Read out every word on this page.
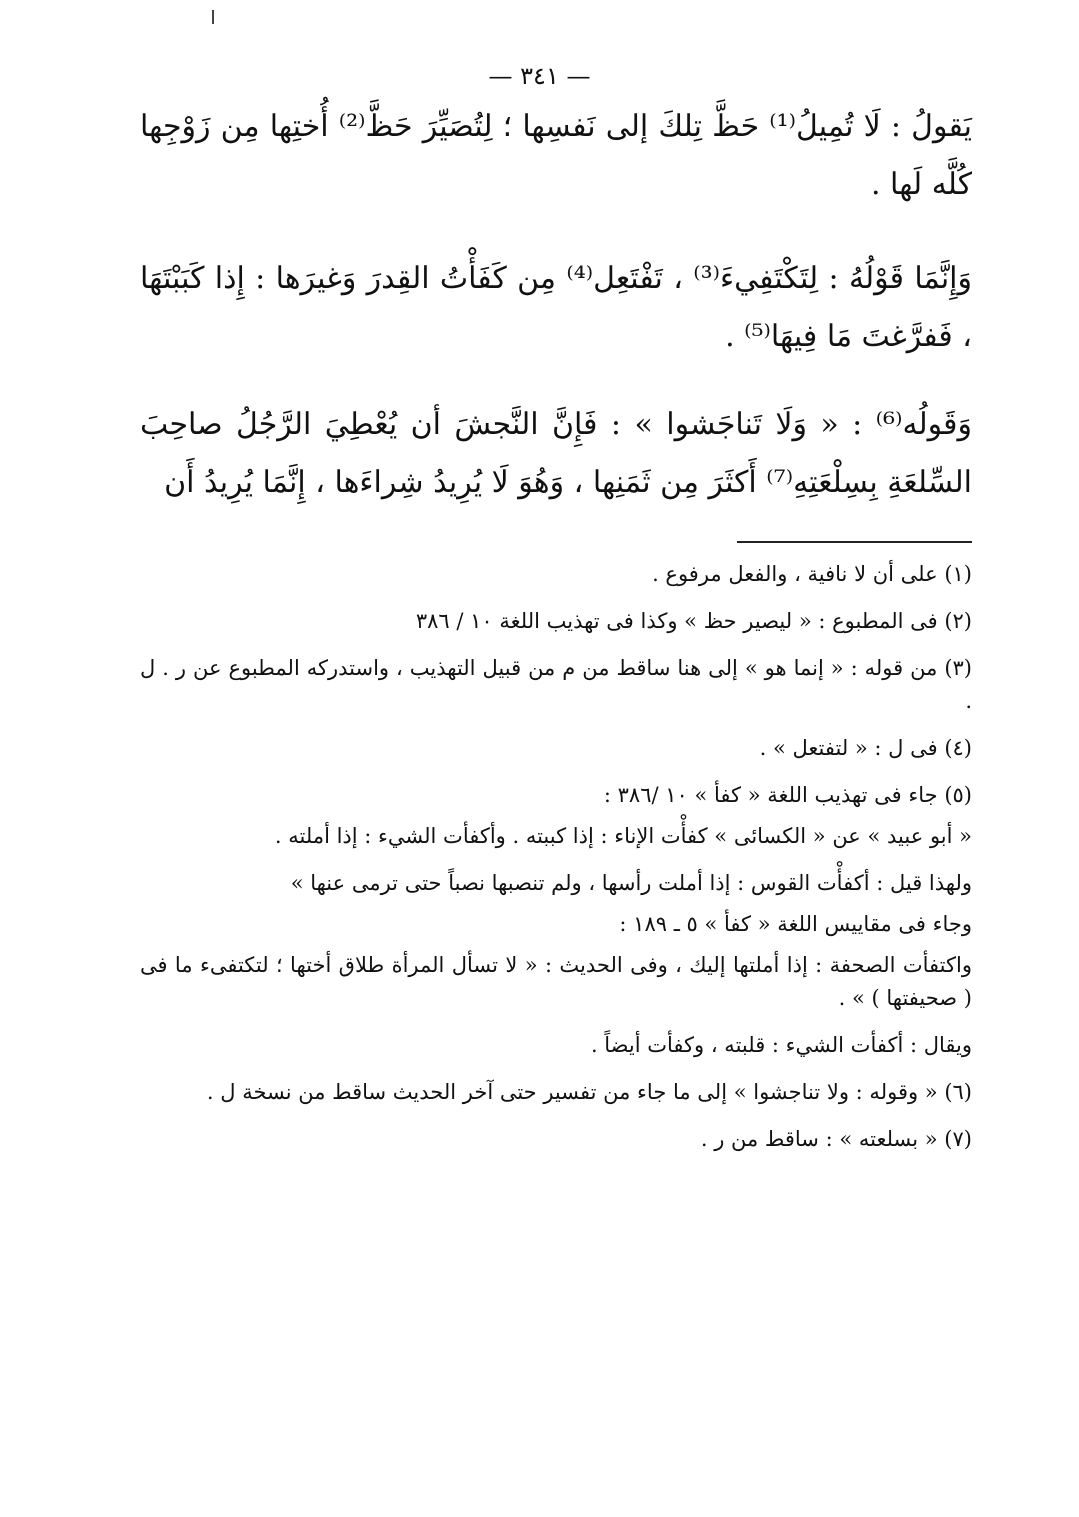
— ٣٤١ —

يَقولُ : لَا تُمِيلُ⁽¹⁾ حَظَّ تِلكَ إلى نَفسِها ؛ لِتُصَيِّرَ حَظَّ⁽²⁾ أُختِها مِن زَوْجِها كُلَّه لَها .

وَإِنَّمَا قَوْلُهُ : لِتَكْتَفِيءَ⁽³⁾ ، تَفْتَعِل⁽⁴⁾ مِن كَفَأْتُ القِدرَ وَغيرَها : إِذا كَبَبْتَهَا ، فَفرَّغتَ مَا فِيهَا⁽⁵⁾ .

وَقَولُه⁽⁶⁾ : « وَلَا تَناجَشوا » : فَإِنَّ النَّجشَ أن يُعْطِيَ الرَّجُلُ صاحِبَ السِّلعَةِ بِسِلْعَتِهِ⁽⁷⁾ أَكثَرَ مِن ثَمَنِها ، وَهُوَ لَا يُرِيدُ شِراءَها ، إِنَّمَا يُرِيدُ أَن

(١) على أن لا نافية ، والفعل مرفوع .

(٢) فى المطبوع : « ليصير حظ » وكذا فى تهذيب اللغة ١٠ / ٣٨٦

(٣) من قوله : « إنما هو » إلى هنا ساقط من م من قبيل التهذيب ، واستدركه المطبوع عن ر . ل .

(٤) فى ل : « لتفتعل » .

(٥) جاء فى تهذيب اللغة « كفأ » ١٠ /٣٨٦ :

« أبو عبيد » عن « الكسائى » كفأْت الإناء : إذا كببته . وأكفأت الشيء : إذا أملته .

ولهذا قيل : أكفأْت القوس : إذا أملت رأسها ، ولم تنصبها نصباً حتى ترمى عنها »

وجاء فى مقاييس اللغة « كفأ » ٥ ـ ١٨٩ :

واكتفأت الصحفة : إذا أملتها إليك ، وفى الحديث : « لا تسأل المرأة طلاق أختها ؛ لتكتفىء ما فى ( صحيفتها ) » .

ويقال : أكفأت الشيء : قلبته ، وكفأت أيضاً .

(٦) « وقوله : ولا تناجشوا » إلى ما جاء من تفسير حتى آخر الحديث ساقط من نسخة ل .

(٧) « بسلعته » : ساقط من ر .
